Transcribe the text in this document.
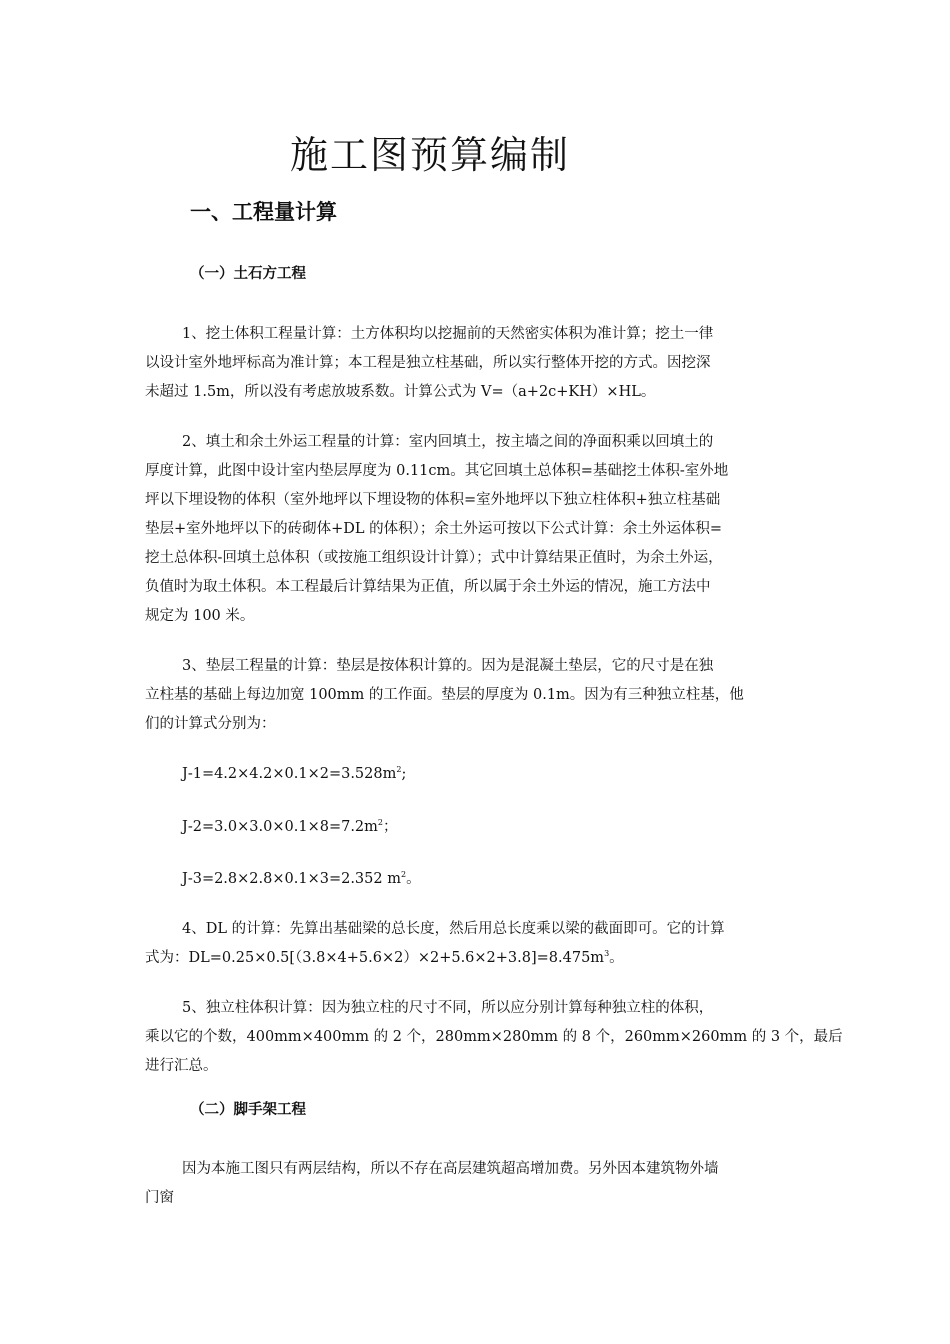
施工图预算编制
一、工程量计算
（一）土石方工程
1、挖土体积工程量计算：土方体积均以挖掘前的天然密实体积为准计算；挖土一律
以设计室外地坪标高为准计算；本工程是独立柱基础，所以实行整体开挖的方式。因挖深
未超过 1.5m，所以没有考虑放坡系数。计算公式为 V=（a+2c+KH）×HL。
2、填土和余土外运工程量的计算：室内回填土，按主墙之间的净面积乘以回填土的
厚度计算，此图中设计室内垫层厚度为 0.11cm。其它回填土总体积=基础挖土体积-室外地
坪以下埋设物的体积（室外地坪以下埋设物的体积=室外地坪以下独立柱体积+独立柱基础
垫层+室外地坪以下的砖砌体+DL 的体积）；余土外运可按以下公式计算：余土外运体积=
挖土总体积-回填土总体积（或按施工组织设计计算）；式中计算结果正值时，为余土外运，
负值时为取土体积。本工程最后计算结果为正值，所以属于余土外运的情况，施工方法中
规定为 100 米。
3、垫层工程量的计算：垫层是按体积计算的。因为是混凝土垫层，它的尺寸是在独
立柱基的基础上每边加宽 100mm 的工作面。垫层的厚度为 0.1m。因为有三种独立柱基，他
们的计算式分别为：
$J-1=4.2\times 4.2\times 0.1\times 2=3.528m^2$;
$J-2=3.0\times 3.0\times 0.1\times 8=7.2m^2$；
J-3=2.8×2.8×0.1×3=2.352 $m^2$。
4、DL 的计算：先算出基础梁的总长度，然后用总长度乘以梁的截面即可。它的计算
式为：$DL=0.25\times 0.5[(3.8\times 4+5.6\times 2)\times 2+5.6\times 2+3.8]=8.475m^3$。
5、独立柱体积计算：因为独立柱的尺寸不同，所以应分别计算每种独立柱的体积，
乘以它的个数，400mm×400mm 的 2 个，280mm×280mm 的 8 个，260mm×260mm 的 3 个，最后
进行汇总。
（二）脚手架工程
因为本施工图只有两层结构，所以不存在高层建筑超高增加费。另外因本建筑物外墙
门窗
